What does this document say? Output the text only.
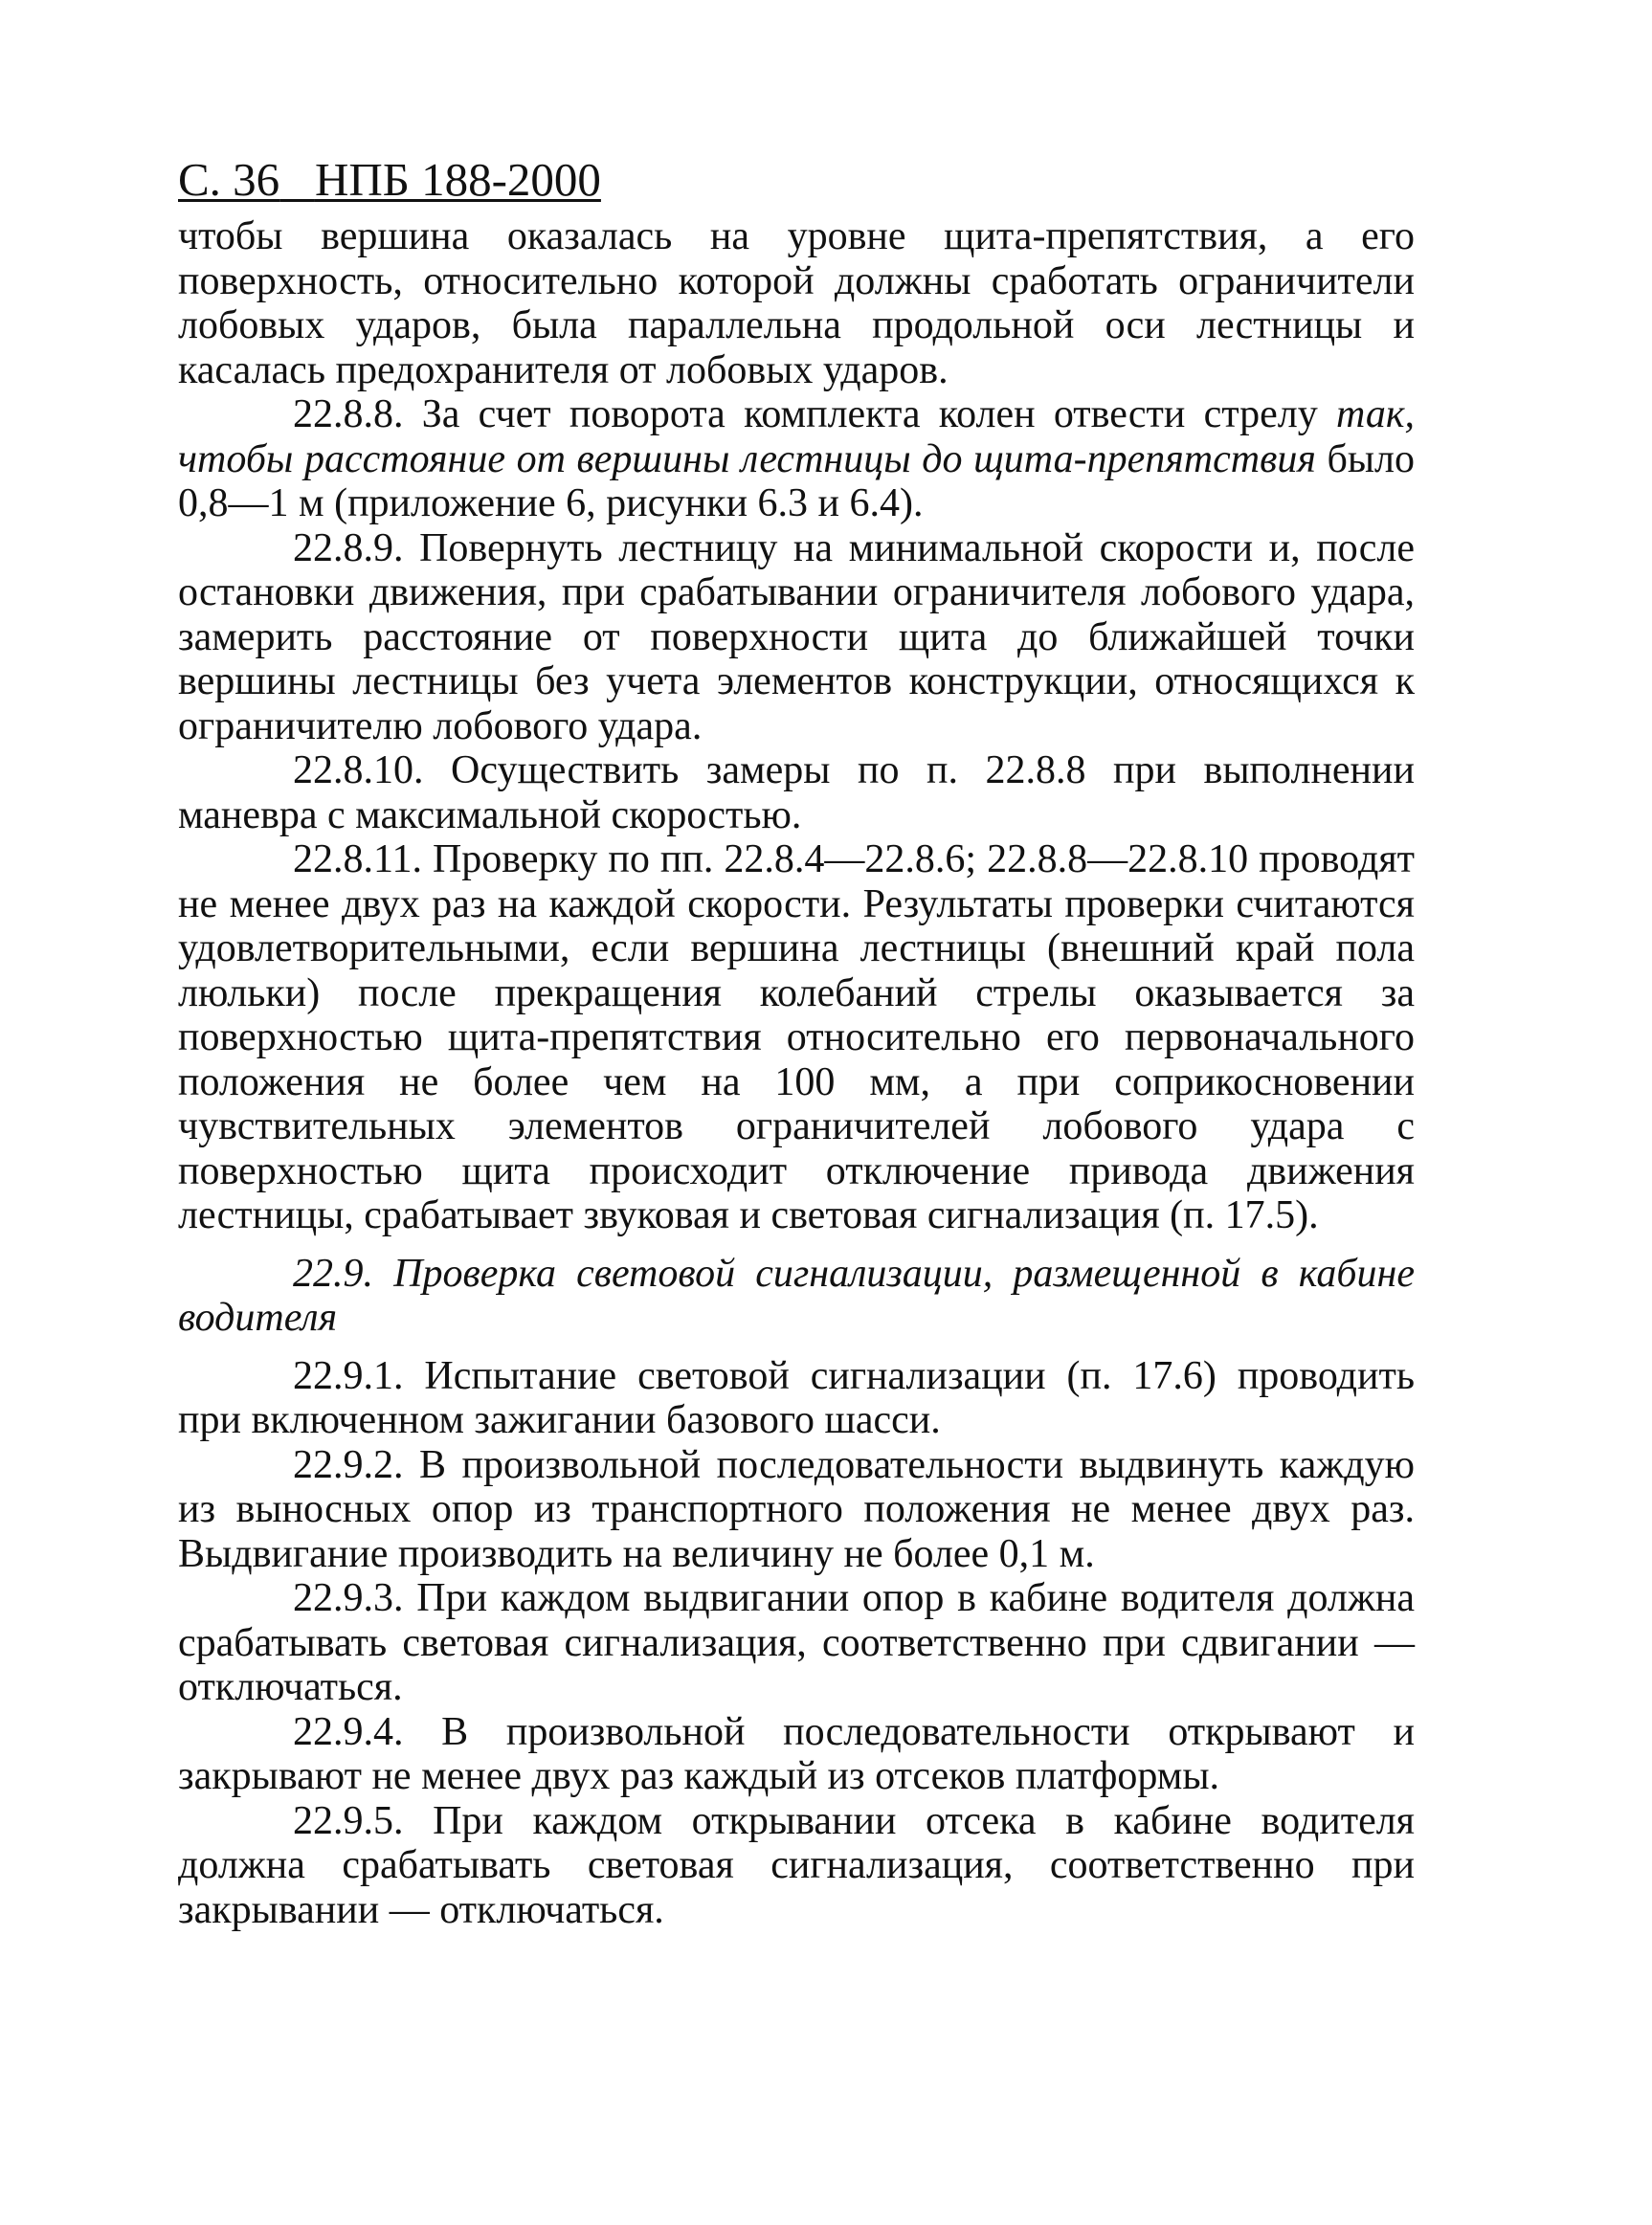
С. 36 НПБ 188-2000

чтобы вершина оказалась на уровне щита-препятствия, а его поверхность, относительно которой должны сработать ограничители лобовых ударов, была параллельна продольной оси лестницы и касалась предохранителя от лобовых ударов.

22.8.8. За счет поворота комплекта колен отвести стрелу так, чтобы расстояние от вершины лестницы до щита-препятствия было 0,8—1 м (приложение 6, рисунки 6.3 и 6.4).

22.8.9. Повернуть лестницу на минимальной скорости и, после остановки движения, при срабатывании ограничителя лобового удара, замерить расстояние от поверхности щита до ближайшей точки вершины лестницы без учета элементов конструкции, относящихся к ограничителю лобового удара.

22.8.10. Осуществить замеры по п. 22.8.8 при выполнении маневра с максимальной скоростью.

22.8.11. Проверку по пп. 22.8.4—22.8.6; 22.8.8—22.8.10 проводят не менее двух раз на каждой скорости. Результаты проверки считаются удовлетворительными, если вершина лестницы (внешний край пола люльки) после прекращения колебаний стрелы оказывается за поверхностью щита-препятствия относительно его первоначального положения не более чем на 100 мм, а при соприкосновении чувствительных элементов ограничителей лобового удара с поверхностью щита происходит отключение привода движения лестницы, срабатывает звуковая и световая сигнализация (п. 17.5).

22.9. Проверка световой сигнализации, размещенной в кабине водителя

22.9.1. Испытание световой сигнализации (п. 17.6) проводить при включенном зажигании базового шасси.

22.9.2. В произвольной последовательности выдвинуть каждую из выносных опор из транспортного положения не менее двух раз. Выдвигание производить на величину не более 0,1 м.

22.9.3. При каждом выдвигании опор в кабине водителя должна срабатывать световая сигнализация, соответственно при сдвигании — отключаться.

22.9.4. В произвольной последовательности открывают и закрывают не менее двух раз каждый из отсеков платформы.

22.9.5. При каждом открывании отсека в кабине водителя должна срабатывать световая сигнализация, соответственно при закрывании — отключаться.
